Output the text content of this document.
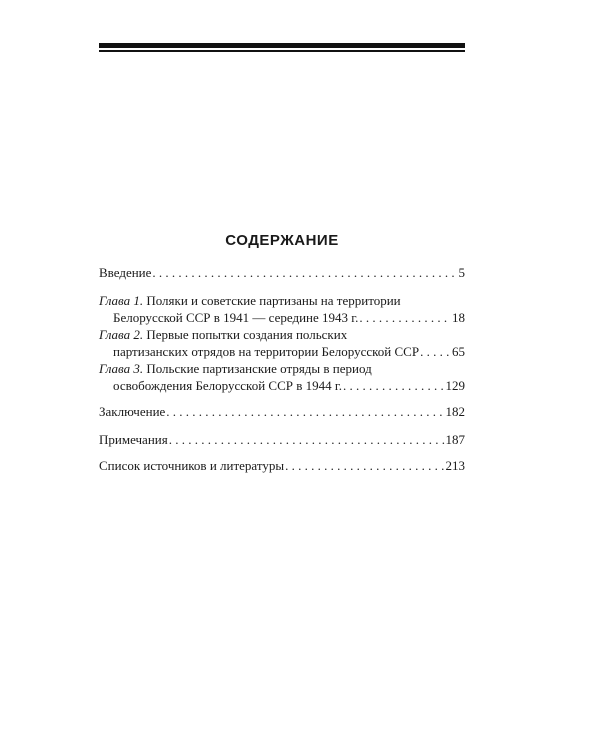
СОДЕРЖАНИЕ
Введение . . .	5
Глава 1. Поляки и советские партизаны на территории
Белорусской ССР в 1941 — середине 1943 г. . . .	18
Глава 2. Первые попытки создания польских
партизанских отрядов на территории Белорусской ССР . . .	65
Глава 3. Польские партизанские отряды в период
освобождения Белорусской ССР в 1944 г. . . .	129
Заключение . . .	182
Примечания . . .	187
Список источников и литературы . . .	213
